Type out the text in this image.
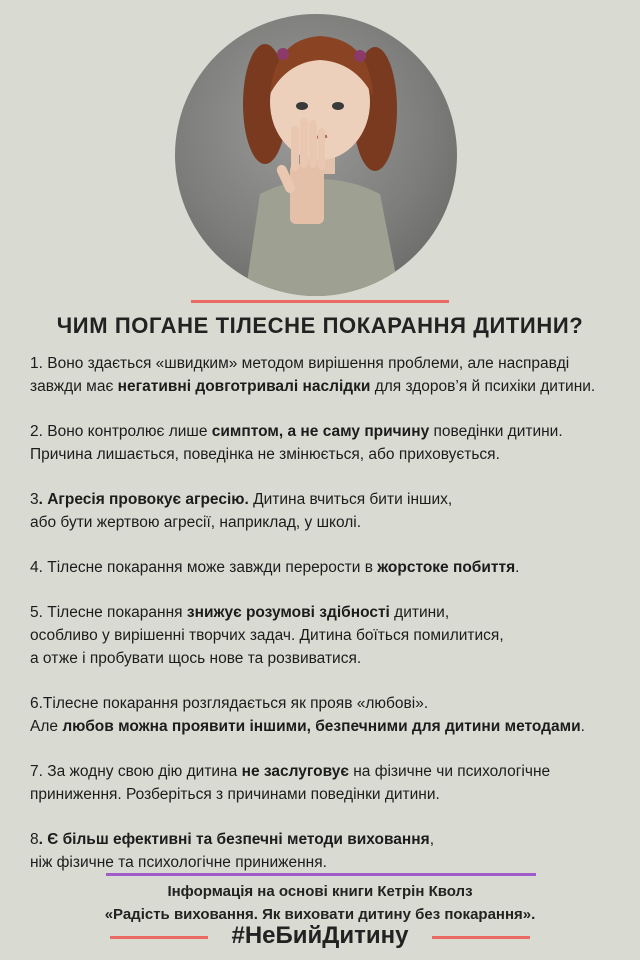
ЧИМ ПОГАНЕ ТІЛЕСНЕ ПОКАРАННЯ ДИТИНИ?
1. Воно здається «швидким» методом вирішення проблеми, але насправді
завжди має негативні довготривалі наслідки для здоров’я й психіки дитини.
2. Воно контролює лише симптом, а не саму причину поведінки дитини.
Причина лишається, поведінка не змінюється, або приховується.
3. Агресія провокує агресію. Дитина вчиться бити інших,
або бути жертвою агресії, наприклад, у школі.
4. Тілесне покарання може завжди перерости в жорстоке побиття.
5. Тілесне покарання знижує розумові здібності дитини,
особливо у вирішенні творчих задач. Дитина боїться помилитися,
а отже і пробувати щось нове та розвиватися.
6.Тілесне покарання розглядається як прояв «любові».
Але любов можна проявити іншими, безпечними для дитини методами.
7. За жодну свою дію дитина не заслуговує на фізичне чи психологічне
приниження. Розберіться з причинами поведінки дитини.
8. Є більш ефективні та безпечні методи виховання,
ніж фізичне та психологічне приниження.
Інформація на основі книги Кетрін Кволз
«Радість виховання. Як виховати дитину без покарання».
#НеБийДитину
